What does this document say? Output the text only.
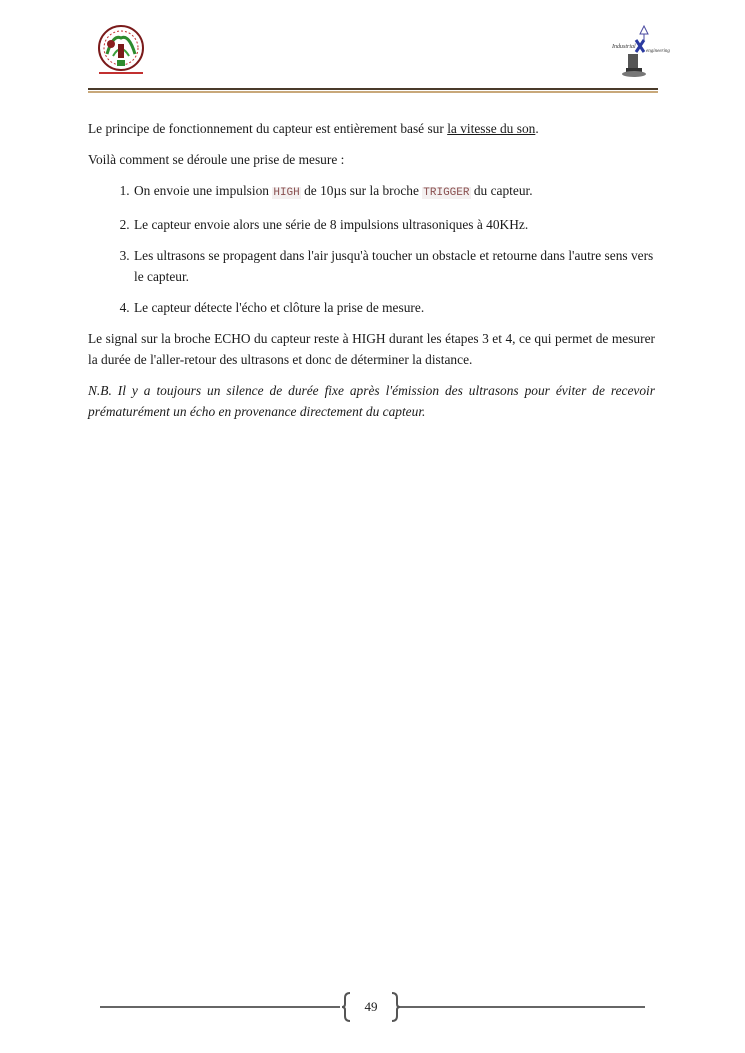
Industrial
engineering

Le principe de fonctionnement du capteur est entièrement basé sur la vitesse du son.

Voilà comment se déroule une prise de mesure :

1. On envoie une impulsion HIGH de 10µs sur la broche TRIGGER du capteur.
2. Le capteur envoie alors une série de 8 impulsions ultrasoniques à 40KHz.
3. Les ultrasons se propagent dans l'air jusqu'à toucher un obstacle et retourne dans l'autre sens vers le capteur.
4. Le capteur détecte l'écho et clôture la prise de mesure.

Le signal sur la broche ECHO du capteur reste à HIGH durant les étapes 3 et 4, ce qui permet de mesurer la durée de l'aller-retour des ultrasons et donc de déterminer la distance.

N.B. Il y a toujours un silence de durée fixe après l'émission des ultrasons pour éviter de recevoir prématurément un écho en provenance directement du capteur.

49
